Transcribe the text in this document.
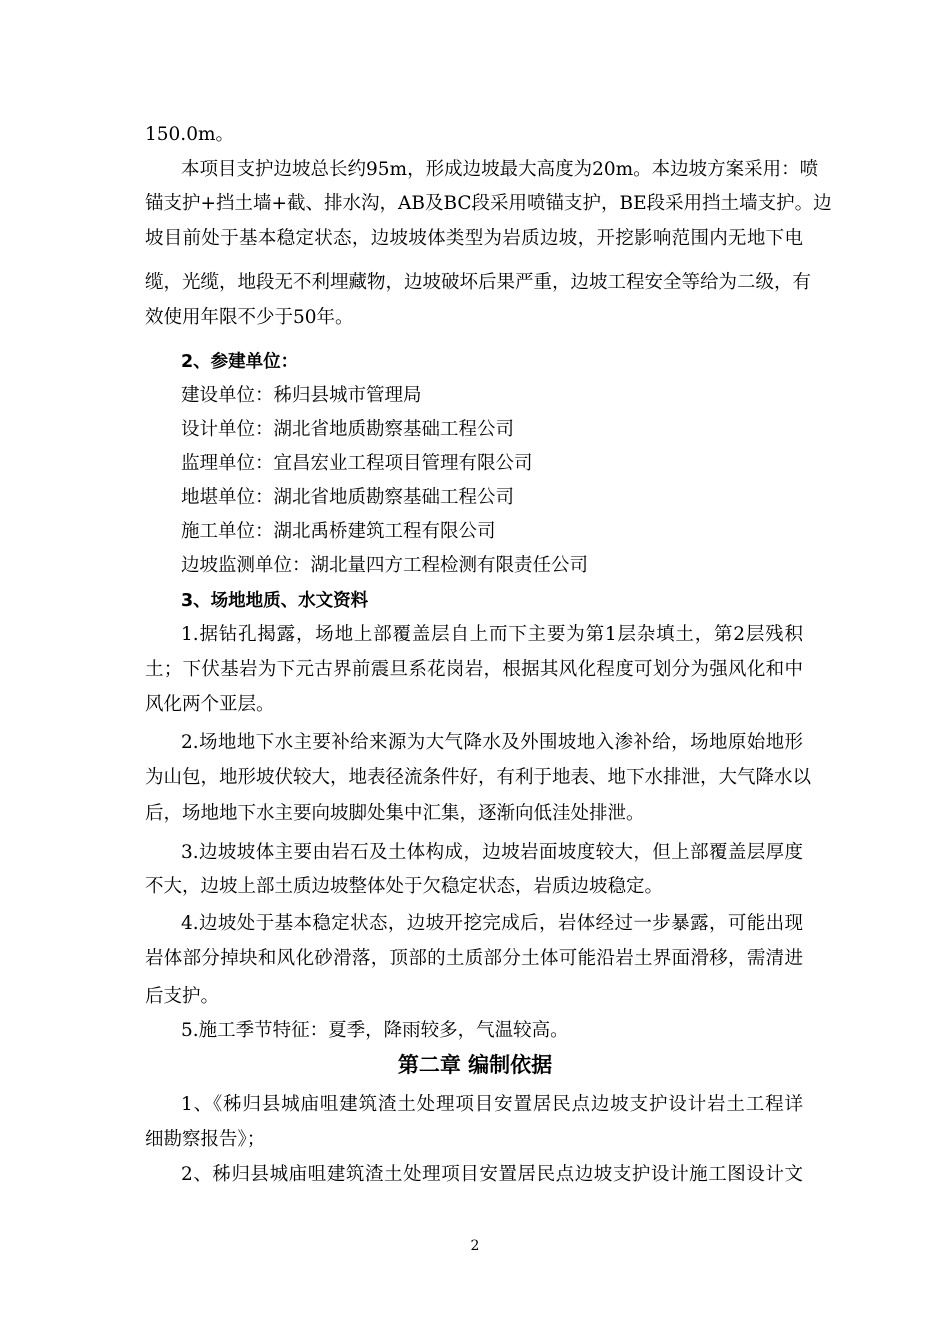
150.0m。
本项目支护边坡总长约95m，形成边坡最大高度为20m。本边坡方案采用：喷
锚支护+挡土墙+截、排水沟，AB及BC段采用喷锚支护，BE段采用挡土墙支护。边
坡目前处于基本稳定状态，边坡坡体类型为岩质边坡，开挖影响范围内无地下电
缆，光缆，地段无不利埋藏物，边坡破坏后果严重，边坡工程安全等给为二级，有
效使用年限不少于50年。
2、参建单位：
建设单位：秭归县城市管理局
设计单位：湖北省地质勘察基础工程公司
监理单位：宜昌宏业工程项目管理有限公司
地堪单位：湖北省地质勘察基础工程公司
施工单位：湖北禹桥建筑工程有限公司
边坡监测单位：湖北量四方工程检测有限责任公司
3、场地地质、水文资料
1.据钻孔揭露，场地上部覆盖层自上而下主要为第1层杂填土，第2层残积
土；下伏基岩为下元古界前震旦系花岗岩，根据其风化程度可划分为强风化和中
风化两个亚层。
2.场地地下水主要补给来源为大气降水及外围坡地入渗补给，场地原始地形
为山包，地形坡伏较大，地表径流条件好，有利于地表、地下水排泄，大气降水以
后，场地地下水主要向坡脚处集中汇集，逐渐向低洼处排泄。
3.边坡坡体主要由岩石及土体构成，边坡岩面坡度较大，但上部覆盖层厚度
不大，边坡上部土质边坡整体处于欠稳定状态，岩质边坡稳定。
4.边坡处于基本稳定状态，边坡开挖完成后，岩体经过一步暴露，可能出现
岩体部分掉块和风化砂滑落，顶部的土质部分土体可能沿岩土界面滑移，需清进
后支护。
5.施工季节特征：夏季，降雨较多，气温较高。
第二章 编制依据
1、《秭归县城庙咀建筑渣土处理项目安置居民点边坡支护设计岩土工程详
细勘察报告》；
2、秭归县城庙咀建筑渣土处理项目安置居民点边坡支护设计施工图设计文
2
